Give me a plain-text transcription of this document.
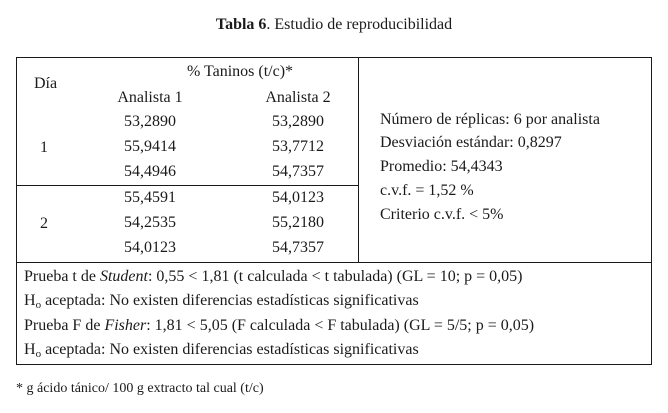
Tabla 6. Estudio de reproducibilidad
Día
% Taninos (t/c)*
Analista 1	Analista 2
1
53,2890	53,2890
55,9414	53,7712
54,4946	54,7357
2
55,4591	54,0123
54,2535	55,2180
54,0123	54,7357
Número de réplicas: 6 por analista
Desviación estándar: 0,8297
Promedio: 54,4343
c.v.f. = 1,52 %
Criterio c.v.f. < 5%
Prueba t de Student: 0,55 < 1,81 (t calculada < t tabulada) (GL = 10; p = 0,05)
Ho aceptada: No existen diferencias estadísticas significativas
Prueba F de Fisher: 1,81 < 5,05 (F calculada < F tabulada) (GL = 5/5; p = 0,05)
Ho aceptada: No existen diferencias estadísticas significativas
* g ácido tánico/ 100 g extracto tal cual (t/c)
